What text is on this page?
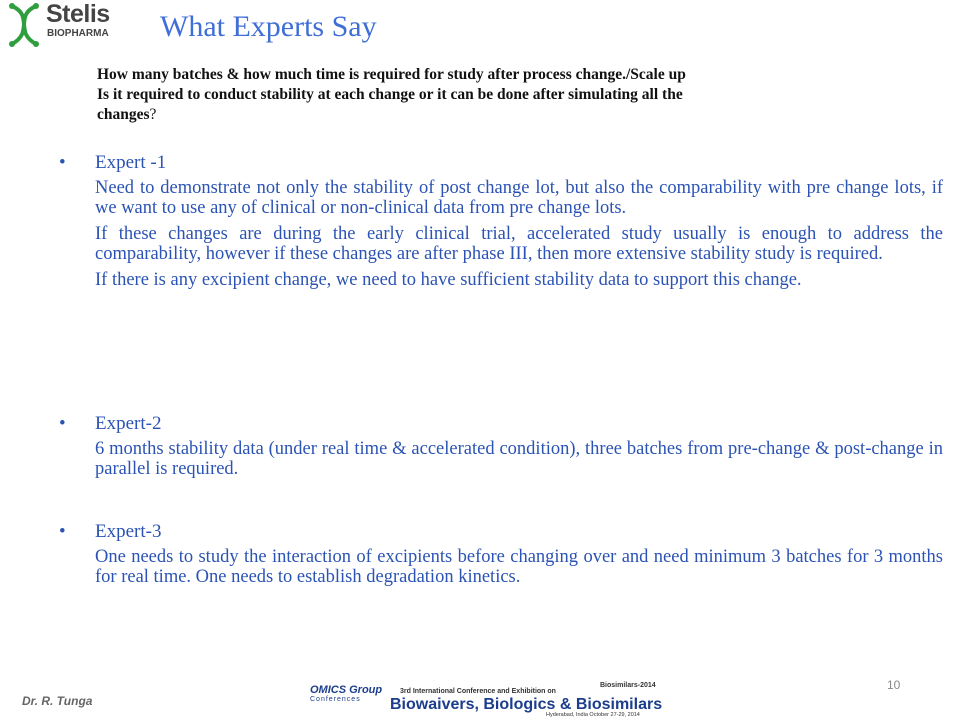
Stelis
BIOPHARMA What Experts Say
How many batches & how much time is required for study after process change./Scale up
Is it required to conduct stability at each change or it can be done after simulating all the
changes?
• Expert -1

Need to demonstrate not only the stability of post change lot, but also the comparability with pre change lots, if we want to use any of clinical or non-clinical data from pre change lots.

If these changes are during the early clinical trial, accelerated study usually is enough to address the comparability, however if these changes are after phase III, then more extensive stability study is required.

If there is any excipient change, we need to have sufficient stability data to support this change.

• Expert-2

6 months stability data (under real time & accelerated condition), three batches from pre-change & post-change in parallel is required.

• Expert-3

One needs to study the interaction of excipients before changing over and need minimum 3 batches for 3 months for real time. One needs to establish degradation kinetics.

Dr. R. Tunga
10
OMICS Group
Conferences
3rd International Conference and Exhibition on
Biosimilars-2014
Biowaivers, Biologics & Biosimilars
Hyderabad, India October 27-29, 2014
